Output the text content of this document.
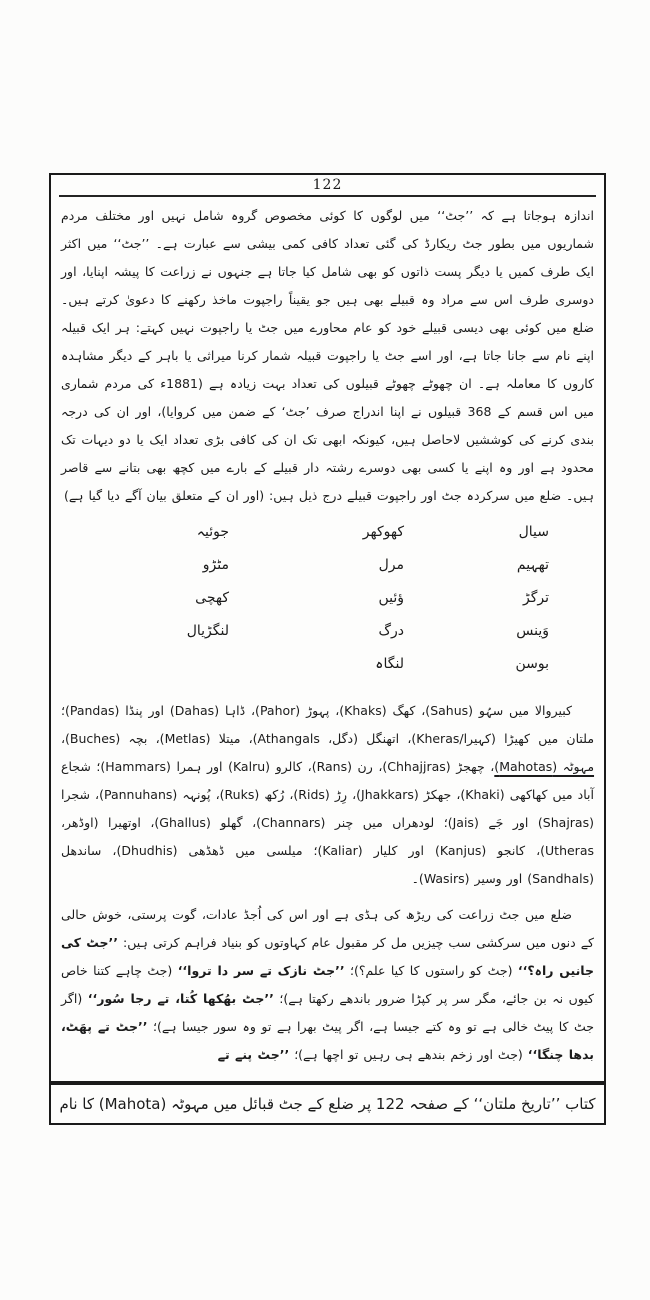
122

اندازہ ہوجاتا ہے کہ ’’جٹ‘‘ میں لوگوں کا کوئی مخصوص گروہ شامل نہیں اور مختلف مردم شماریوں میں بطور جٹ ریکارڈ کی گئی تعداد کافی کمی بیشی سے عبارت ہے۔ ’’جٹ‘‘ میں اکثر ایک طرف کمیں یا دیگر پست ذاتوں کو بھی شامل کیا جاتا ہے جنہوں نے زراعت کا پیشہ اپنایا، اور دوسری طرف اس سے مراد وہ قبیلے بھی ہیں جو یقیناً راجپوت ماخذ رکھنے کا دعویٰ کرتے ہیں۔ ضلع میں کوئی بھی دیسی قبیلے خود کو عام محاورے میں جٹ یا راجپوت نہیں کہتے: ہر ایک قبیلہ اپنے نام سے جانا جاتا ہے، اور اسے جٹ یا راجپوت قبیلہ شمار کرنا میراثی یا باہر کے دیگر مشاہدہ کاروں کا معاملہ ہے۔ ان چھوٹے چھوٹے قبیلوں کی تعداد بہت زیادہ ہے (1881ء کی مردم شماری میں اس قسم کے 368 قبیلوں نے اپنا اندراج صرف ’جٹ‘ کے ضمن میں کروایا)، اور ان کی درجہ بندی کرنے کی کوششیں لاحاصل ہیں، کیونکہ ابھی تک ان کی کافی بڑی تعداد ایک یا دو دیہات تک محدود ہے اور وہ اپنے یا کسی بھی دوسرے رشتہ دار قبیلے کے بارے میں کچھ بھی بتانے سے قاصر ہیں۔ ضلع میں سرکردہ جٹ اور راجپوت قبیلے درج ذیل ہیں: (اور ان کے متعلق بیان آگے دیا گیا ہے)

سیال
تھہیم
ترگڑ
وَینس
بوسن
کھوکھر
مرل
ؤئیں
درگ
لنگاہ
جوئیہ
مٹڑو
کھچی
لنگڑیال

کبیروالا میں سہُو (Sahus)، کھگ (Khaks)، پہوڑ (Pahor)، ڈاہا (Dahas) اور پنڈا (Pandas)؛ ملتان میں کھیڑا (کہیرا/Kheras)، اتھنگل (دگل، Athangals)، میتلا (Metlas)، بچہ (Buches)، مہوٹہ (Mahotas)، چھجڑ (Chhajjras)، رن (Rans)، کالرو (Kalru) اور ہمرا (Hammars)؛ شجاع آباد میں کھاکھی (Khaki)، جھکڑ (Jhakkars)، رِڑ (Rids)، رُکھ (Ruks)، پُونہہ (Pannuhans)، شجرا (Shajras) اور جَے (Jais)؛ لودھراں میں چنر (Channars)، گھلو (Ghallus)، اوتھیرا (اوڈھر، Utheras)، کانجو (Kanjus) اور کلیار (Kaliar)؛ میلسی میں ڈھڈھی (Dhudhis)، ساندھل (Sandhals) اور وسیر (Wasirs)۔

ضلع میں جٹ زراعت کی ریڑھ کی ہڈی ہے اور اس کی اُجڈ عادات، گوت پرستی، خوش حالی کے دنوں میں سرکشی سب چیزیں مل کر مقبول عام کہاوتوں کو بنیاد فراہم کرتی ہیں: ’’جٹ کی جانیں راہ؟‘‘ (جٹ کو راستوں کا کیا علم؟)؛ ’’جٹ نازک تے سر دا تروا‘‘ (جٹ چاہے کتنا خاص کیوں نہ بن جائے، مگر سر پر کپڑا ضرور باندھے رکھتا ہے)؛ ’’جٹ بھُکھا کُتا، تے رجا سُور‘‘ (اگر جٹ کا پیٹ خالی ہے تو وہ کتے جیسا ہے، اگر پیٹ بھرا ہے تو وہ سور جیسا ہے)؛ ’’جٹ تے پھَٹ، بدھا چنگا‘‘ (جٹ اور زخم بندھے ہی رہیں تو اچھا ہے)؛ ’’جٹ پنے تے

کتاب ’’تاریخ ملتان‘‘ کے صفحہ 122 پر ضلع کے جٹ قبائل میں مہوٹہ (Mahota) کا نام
